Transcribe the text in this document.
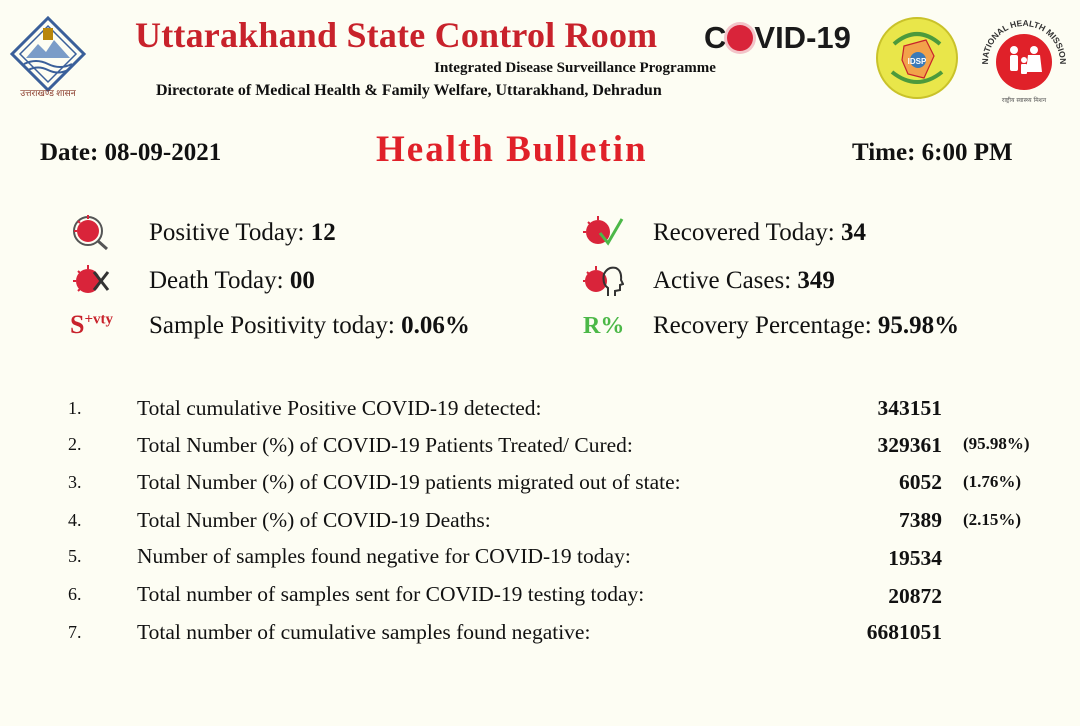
उत्तराखण्ड शासन
Uttarakhand State Control Room C VID-19
Integrated Disease Surveillance Programme
Directorate of Medical Health & Family Welfare, Uttarakhand, Dehradun
IDSP	NATIONAL HEALTH MISSION
राष्ट्रीय स्वास्थ्य मिशन
Date: 08-09-2021	Health Bulletin	Time: 6:00 PM
Positive Today: 12
Death Today: 00
$S^{+vty}$ Sample Positivity today: 0.06%
Recovered Today: 34
Active Cases: 349
R% Recovery Percentage: 95.98%
1.	Total cumulative Positive COVID-19 detected:	343151
2.	Total Number (%) of COVID-19 Patients Treated/ Cured:	329361 (95.98%)
3.	Total Number (%) of COVID-19 patients migrated out of state:	6052 (1.76%)
4.	Total Number (%) of COVID-19 Deaths:	7389 (2.15%)
5.	Number of samples found negative for COVID-19 today:	19534
6.	Total number of samples sent for COVID-19 testing today:	20872
7.	Total number of cumulative samples found negative:	6681051
